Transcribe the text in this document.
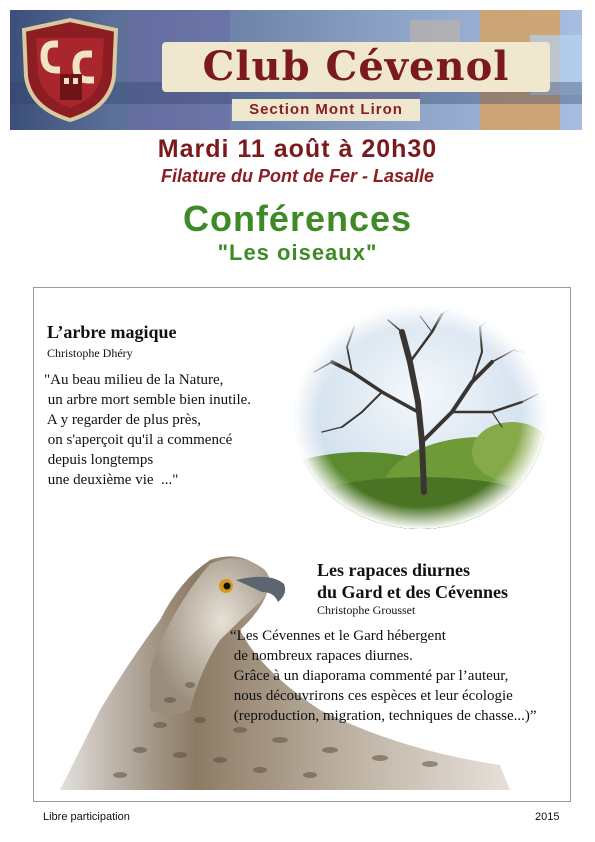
Club Cévenol
Section Mont Liron
Mardi 11 août à 20h30
Filature du Pont de Fer - Lasalle
Conférences
"Les oiseaux"
L’arbre magique
Christophe Dhéry
"Au beau milieu de la Nature,
un arbre mort semble bien inutile.
A y regarder de plus près,
on s'aperçoit qu'il a commencé
depuis longtemps
une deuxième vie  ..."
Les rapaces diurnes
du Gard et des Cévennes
Christophe Grousset
“Les Cévennes et le Gard hébergent
de nombreux rapaces diurnes.
Grâce à un diaporama commenté par l’auteur,
nous découvrirons ces espèces et leur écologie
(reproduction, migration, techniques de chasse...)”
Libre participation	2015
